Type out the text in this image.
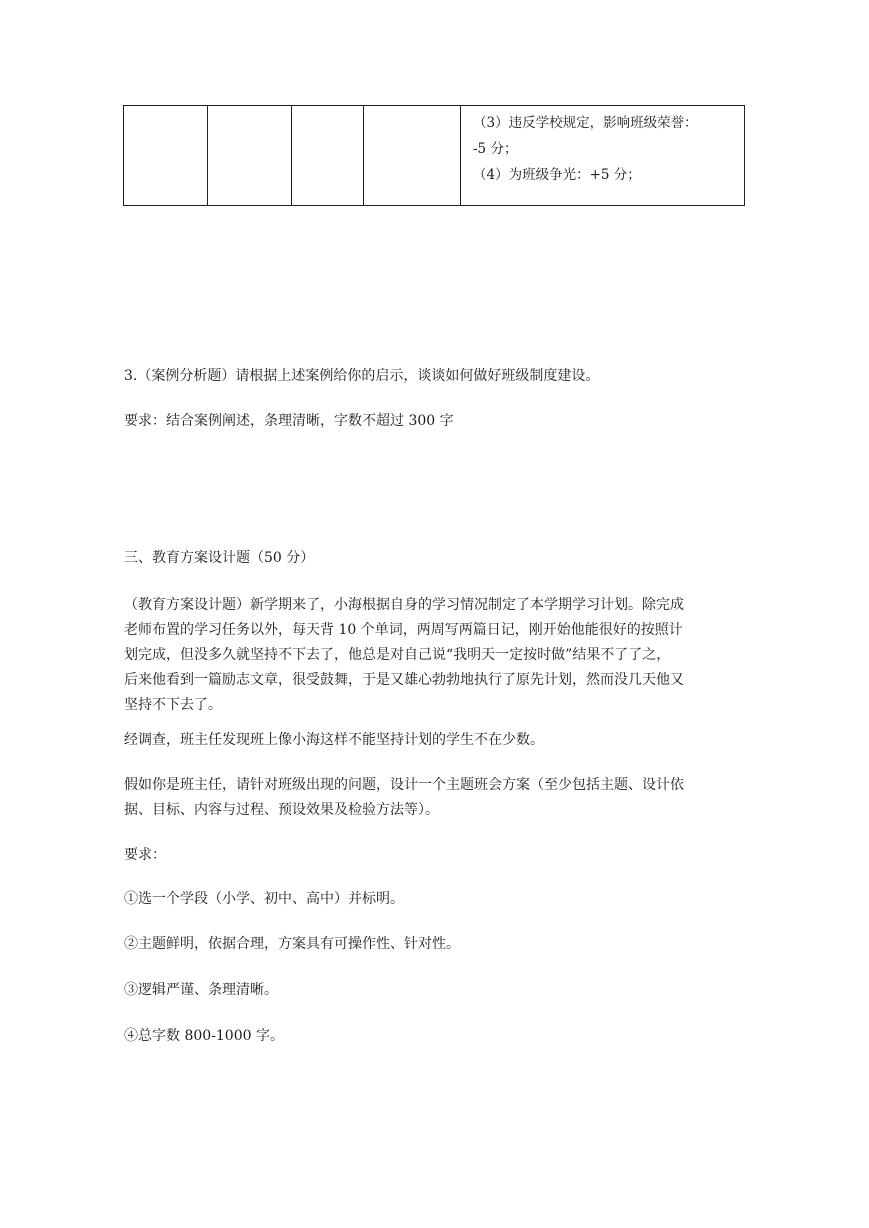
（3）违反学校规定，影响班级荣誉：
-5 分；
（4）为班级争光：+5 分；
3.（案例分析题）请根据上述案例给你的启示，谈谈如何做好班级制度建设。
要求：结合案例阐述，条理清晰，字数不超过 300 字
三、教育方案设计题（50 分）
（教育方案设计题）新学期来了，小海根据自身的学习情况制定了本学期学习计划。除完成
老师布置的学习任务以外，每天背 10 个单词，两周写两篇日记，刚开始他能很好的按照计
划完成，但没多久就坚持不下去了，他总是对自己说“我明天一定按时做”结果不了了之，
后来他看到一篇励志文章，很受鼓舞，于是又雄心勃勃地执行了原先计划，然而没几天他又
坚持不下去了。
经调查，班主任发现班上像小海这样不能坚持计划的学生不在少数。
假如你是班主任，请针对班级出现的问题，设计一个主题班会方案（至少包括主题、设计依
据、目标、内容与过程、预设效果及检验方法等）。
要求：
①选一个学段（小学、初中、高中）并标明。
②主题鲜明，依据合理，方案具有可操作性、针对性。
③逻辑严谨、条理清晰。
④总字数 800-1000 字。
